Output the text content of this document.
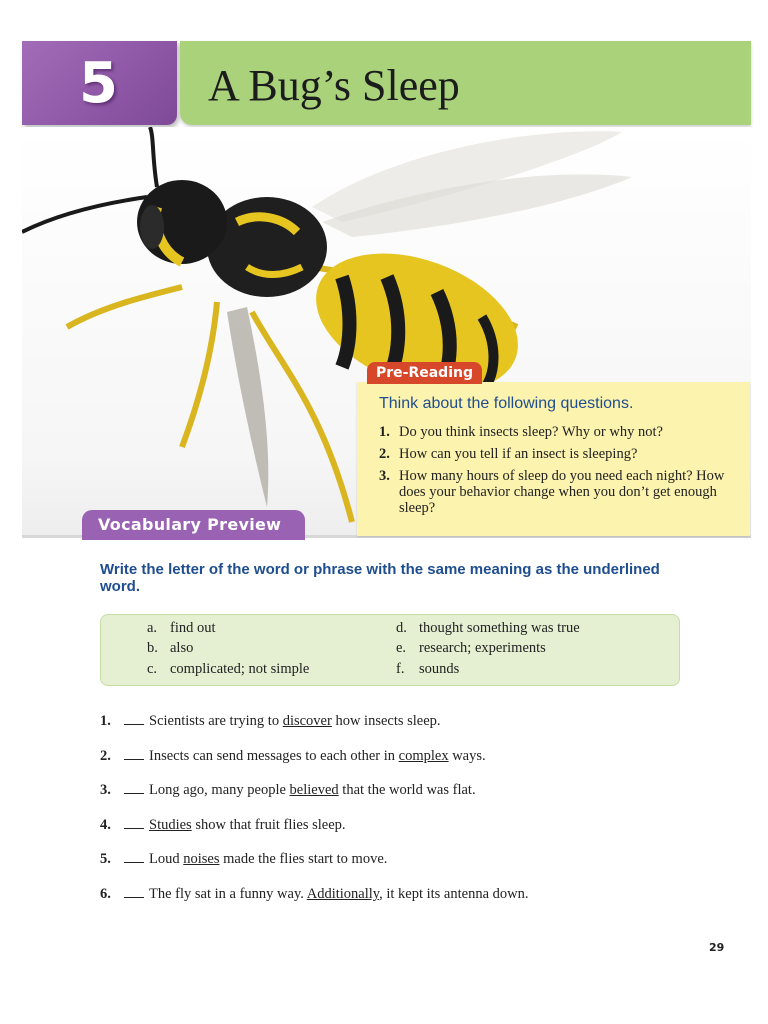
5 A Bug’s Sleep
Pre-Reading
Think about the following questions.
1. Do you think insects sleep? Why or why not?
2. How can you tell if an insect is sleeping?
3. How many hours of sleep do you need each night? How does your behavior change when you don’t get enough sleep?
Vocabulary Preview
Write the letter of the word or phrase with the same meaning as the underlined word.
a. find out
b. also
c. complicated; not simple
d. thought something was true
e. research; experiments
f. sounds
1.	Scientists are trying to discover how insects sleep.
2.	Insects can send messages to each other in complex ways.
3.	Long ago, many people believed that the world was flat.
4.	Studies show that fruit flies sleep.
5.	Loud noises made the flies start to move.
6.	The fly sat in a funny way. Additionally, it kept its antenna down.
29
